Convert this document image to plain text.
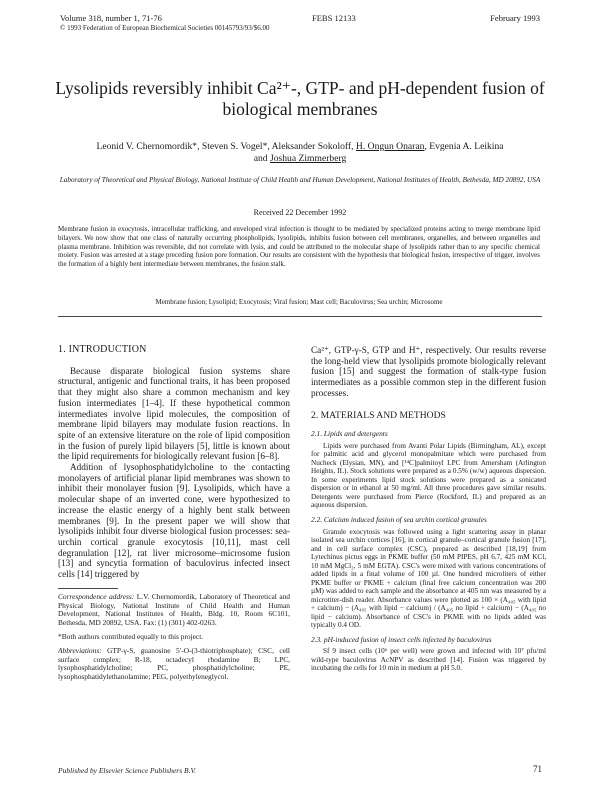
Volume 318, number 1, 71-76	FEBS 12133	February 1993
© 1993 Federation of European Biochemical Societies 00145793/93/$6.00
Lysolipids reversibly inhibit Ca²⁺-, GTP- and pH-dependent fusion of biological membranes
Leonid V. Chernomordik*, Steven S. Vogel*, Aleksander Sokoloff, H. Ongun Onaran, Evgenia A. Leikina
and Joshua Zimmerberg
Laboratory of Theoretical and Physical Biology, National Institute of Child Health and Human Development, National Institutes of Health, Bethesda, MD 20892, USA
Received 22 December 1992
Membrane fusion in exocytosis, intracellular trafficking, and enveloped viral infection is thought to be mediated by specialized proteins acting to merge membrane lipid bilayers. We now show that one class of naturally occurring phospholipids, lysolipids, inhibits fusion between cell membranes, organelles, and between organelles and plasma membrane. Inhibition was reversible, did not correlate with lysis, and could be attributed to the molecular shape of lysolipids rather than to any specific chemical moiety. Fusion was arrested at a stage preceding fusion pore formation. Our results are consistent with the hypothesis that biological fusion, irrespective of trigger, involves the formation of a highly bent intermediate between membranes, the fusion stalk.
Membrane fusion; Lysolipid; Exocytosis; Viral fusion; Mast cell; Baculovirus; Sea urchin; Microsome
1. INTRODUCTION

Because disparate biological fusion systems share structural, antigenic and functional traits, it has been proposed that they might also share a common mechanism and key fusion intermediates [1–4]. If these hypothetical common intermediates involve lipid molecules, the composition of membrane lipid bilayers may modulate fusion reactions. In spite of an extensive literature on the role of lipid composition in the fusion of purely lipid bilayers [5], little is known about the lipid requirements for biologically relevant fusion [6–8].

Addition of lysophosphatidylcholine to the contacting monolayers of artificial planar lipid membranes was shown to inhibit their monolayer fusion [9]. Lysolipids, which have a molecular shape of an inverted cone, were hypothesized to increase the elastic energy of a highly bent stalk between membranes [9]. In the present paper we will show that lysolipids inhibit four diverse biological fusion processes: sea-urchin cortical granule exocytosis [10,11], mast cell degranulation [12], rat liver microsome–microsome fusion [13] and syncytia formation of baculovirus infected insect cells [14] triggered by

Correspondence address: L.V. Chernomordik, Laboratory of Theoretical and Physical Biology, National Institute of Child Health and Human Development, National Institutes of Health, Bldg. 10, Room 6C101, Bethesda, MD 20892, USA. Fax: (1) (301) 402-0263.
*Both authors contributed equally to this project.
Abbreviations: GTP-γ-S, guanosine 5′-O-(3-thiotriphosphate); CSC, cell surface complex; R-18, octadecyl rhodamine B; LPC, lysophosphatidylcholine; PC, phosphatidylcholine; PE, lysophosphatidylethanolamine; PEG, polyethyleneglycol.

Ca²⁺, GTP-γ-S, GTP and H⁺, respectively. Our results reverse the long-held view that lysolipids promote biologically relevant fusion [15] and suggest the formation of stalk-type fusion intermediates as a possible common step in the different fusion processes.

2. MATERIALS AND METHODS
2.1. Lipids and detergents

Lipids were purchased from Avanti Polar Lipids (Birmingham, AL), except for palmitic acid and glycerol monopalmitate which were purchased from Nucheck (Elysian, MN), and [¹⁴C]palmitoyl LPC from Amersham (Arlington Heights, IL). Stock solutions were prepared as a 0.5% (w/w) aqueous dispersion. In some experiments lipid stock solutions were prepared as a sonicated dispersion or in ethanol at 50 mg/ml. All three procedures gave similar results. Detergents were purchased from Pierce (Rockford, IL) and prepared as an aqueous dispersion.

2.2. Calcium induced fusion of sea urchin cortical granules

Granule exocytosis was followed using a light scattering assay in planar isolated sea urchin cortices [16], in cortical granule–cortical granule fusion [17], and in cell surface complex (CSC), prepared as described [18,19] from Lytechinus pictus eggs in PKME buffer (50 mM PIPES, pH 6.7, 425 mM KCl, 10 mM MgCl₂, 5 mM EGTA). CSC's were mixed with various concentrations of added lipids in a final volume of 100 µl. One hundred microliters of either PKME buffer or PKME + calcium (final free calcium concentration was 200 µM) was added to each sample and the absorbance at 405 nm was measured by a microtiter-dish reader. Absorbance values were plotted as 100 × (A₄₀₅ with lipid + calcium) − (A₄₀₅ with lipid − calcium) / (A₄₀₅ no lipid + calcium) − (A₄₀₅ no lipid − calcium). Absorbance of CSC's in PKME with no lipids added was typically 0.4 OD.

2.3. pH-induced fusion of insect cells infected by baculovirus

Sf 9 insect cells (10⁶ per well) were grown and infected with 10⁷ pfu/ml wild-type baculovirus AcNPV as described [14]. Fusion was triggered by incubating the cells for 10 min in medium at pH 5.0.

Published by Elsevier Science Publishers B.V.	71
